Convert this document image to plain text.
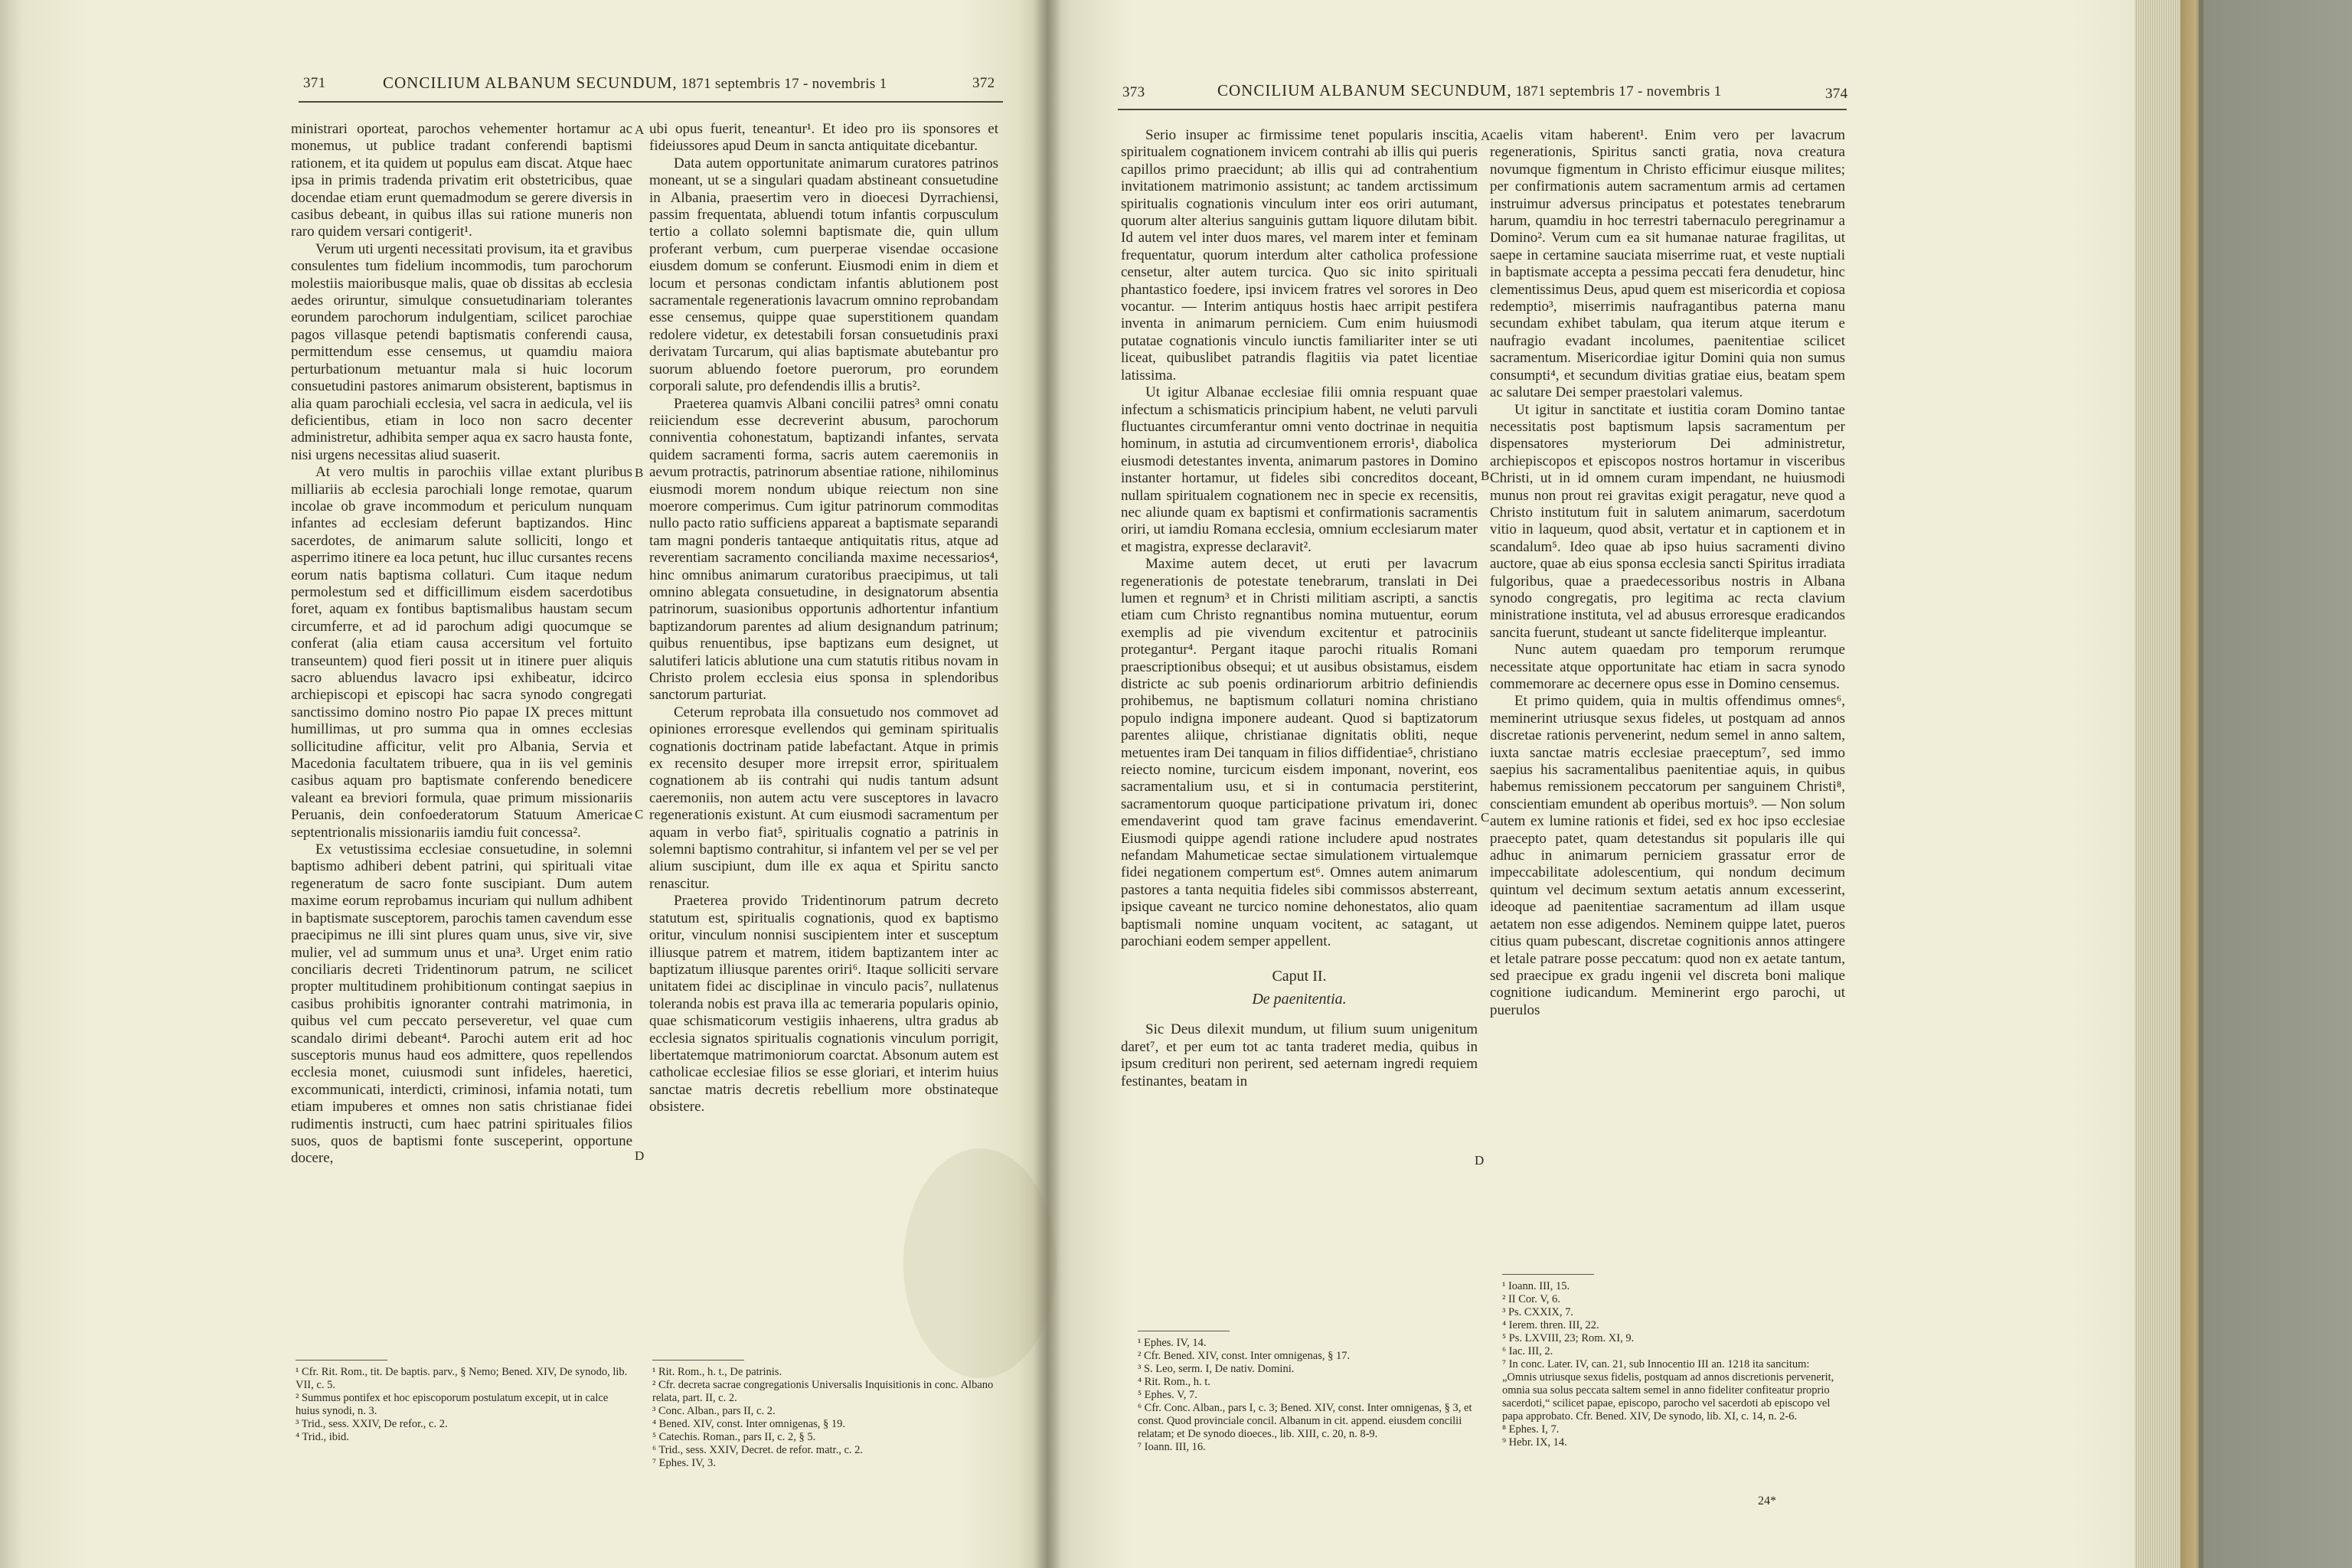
371	CONCILIUM ALBANUM SECUNDUM, 1871 septembris 17 - novembris 1	372
373	CONCILIUM ALBANUM SECUNDUM, 1871 septembris 17 - novembris 1	374

ministrari oporteat, parochos vehementer hortamur ac monemus, ut publice tradant conferendi baptismi rationem, et ita quidem ut populus eam discat. Atque haec ipsa in primis tradenda privatim erit obstetricibus, quae docendae etiam erunt quemadmodum se gerere diversis in casibus debeant, in quibus illas sui ratione muneris non raro quidem versari contigerit¹.

Verum uti urgenti necessitati provisum, ita et gravibus consulentes tum fidelium incommodis, tum parochorum molestiis maioribusque malis, quae ob dissitas ab ecclesia aedes oriruntur, simulque consuetudinariam tolerantes eorundem parochorum indulgentiam, scilicet parochiae pagos villasque petendi baptismatis conferendi causa, permittendum esse censemus, ut quamdiu maiora perturbationum metuantur mala si huic locorum consuetudini pastores animarum obsisterent, baptismus in alia quam parochiali ecclesia, vel sacra in aedicula, vel iis deficientibus, etiam in loco non sacro decenter administretur, adhibita semper aqua ex sacro hausta fonte, nisi urgens necessitas aliud suaserit.

At vero multis in parochiis villae extant pluribus milliariis ab ecclesia parochiali longe remotae, quarum incolae ob grave incommodum et periculum nunquam infantes ad ecclesiam deferunt baptizandos. Hinc sacerdotes, de animarum salute solliciti, longo et asperrimo itinere ea loca petunt, huc illuc cursantes recens eorum natis baptisma collaturi. Cum itaque nedum permolestum sed et difficillimum eisdem sacerdotibus foret, aquam ex fontibus baptismalibus haustam secum circumferre, et ad id parochum adigi quocumque se conferat (alia etiam causa accersitum vel fortuito transeuntem) quod fieri possit ut in itinere puer aliquis sacro abluendus lavacro ipsi exhibeatur, idcirco archiepiscopi et episcopi hac sacra synodo congregati sanctissimo domino nostro Pio papae IX preces mittunt humillimas, ut pro summa qua in omnes ecclesias sollicitudine afficitur, velit pro Albania, Servia et Macedonia facultatem tribuere, qua in iis vel geminis casibus aquam pro baptismate conferendo benedicere valeant ea breviori formula, quae primum missionariis Peruanis, dein confoederatorum Statuum Americae septentrionalis missionariis iamdiu fuit concessa².

Ex vetustissima ecclesiae consuetudine, in solemni baptismo adhiberi debent patrini, qui spirituali vitae regeneratum de sacro fonte suscipiant. Dum autem maxime eorum reprobamus incuriam qui nullum adhibent in baptismate susceptorem, parochis tamen cavendum esse praecipimus ne illi sint plures quam unus, sive vir, sive mulier, vel ad summum unus et una³. Urget enim ratio conciliaris decreti Tridentinorum patrum, ne scilicet propter multitudinem prohibitionum contingat saepius in casibus prohibitis ignoranter contrahi matrimonia, in quibus vel cum peccato perseveretur, vel quae cum scandalo dirimi debeant⁴. Parochi autem erit ad hoc susceptoris munus haud eos admittere, quos repellendos ecclesia monet, cuiusmodi sunt infideles, haeretici, excommunicati, interdicti, criminosi, infamia notati, tum etiam impuberes et omnes non satis christianae fidei rudimentis instructi, cum haec patrini spirituales filios suos, quos de baptismi fonte susceperint, opportune docere,

A
B
C
D

ubi opus fuerit, teneantur¹. Et ideo pro iis sponsores et fideiussores apud Deum in sancta antiquitate dicebantur.

Data autem opportunitate animarum curatores patrinos moneant, ut se a singulari quadam abstineant consuetudine in Albania, praesertim vero in dioecesi Dyrrachiensi, passim frequentata, abluendi totum infantis corpusculum tertio a collato solemni baptismate die, quin ullum proferant verbum, cum puerperae visendae occasione eiusdem domum se conferunt. Eiusmodi enim in diem et locum et personas condictam infantis ablutionem post sacramentale regenerationis lavacrum omnino reprobandam esse censemus, quippe quae superstitionem quandam redolere videtur, ex detestabili forsan consuetudinis praxi derivatam Turcarum, qui alias baptismate abutebantur pro suorum abluendo foetore puerorum, pro eorundem corporali salute, pro defendendis illis a brutis².

Praeterea quamvis Albani concilii patres³ omni conatu reiiciendum esse decreverint abusum, parochorum conniventia cohonestatum, baptizandi infantes, servata quidem sacramenti forma, sacris autem caeremoniis in aevum protractis, patrinorum absentiae ratione, nihilominus eiusmodi morem nondum ubique reiectum non sine moerore comperimus. Cum igitur patrinorum commoditas nullo pacto ratio sufficiens appareat a baptismate separandi tam magni ponderis tantaeque antiquitatis ritus, atque ad reverentiam sacramento concilianda maxime necessarios⁴, hinc omnibus animarum curatoribus praecipimus, ut tali omnino ablegata consuetudine, in designatorum absentia patrinorum, suasionibus opportunis adhortentur infantium baptizandorum parentes ad alium designandum patrinum; quibus renuentibus, ipse baptizans eum designet, ut salutiferi laticis ablutione una cum statutis ritibus novam in Christo prolem ecclesia eius sponsa in splendoribus sanctorum parturiat.

Ceterum reprobata illa consuetudo nos commovet ad opiniones erroresque evellendos qui geminam spiritualis cognationis doctrinam patide labefactant. Atque in primis ex recensito desuper more irrepsit error, spiritualem cognationem ab iis contrahi qui nudis tantum adsunt caeremoniis, non autem actu vere susceptores in lavacro regenerationis existunt. At cum eiusmodi sacramentum per aquam in verbo fiat⁵, spiritualis cognatio a patrinis in solemni baptismo contrahitur, si infantem vel per se vel per alium suscipiunt, dum ille ex aqua et Spiritu sancto renascitur.

Praeterea provido Tridentinorum patrum decreto statutum est, spiritualis cognationis, quod ex baptismo oritur, vinculum nonnisi suscipientem inter et susceptum illiusque patrem et matrem, itidem baptizantem inter ac baptizatum illiusque parentes oriri⁶. Itaque solliciti servare unitatem fidei ac disciplinae in vinculo pacis⁷, nullatenus toleranda nobis est prava illa ac temeraria popularis opinio, quae schismaticorum vestigiis inhaerens, ultra gradus ab ecclesia signatos spiritualis cognationis vinculum porrigit, libertatemque matrimoniorum coarctat. Absonum autem est catholicae ecclesiae filios se esse gloriari, et interim huius sanctae matris decretis rebellium more obstinateque obsistere.

¹ Cfr. Rit. Rom., tit. De baptis. parv., § Nemo; Bened. XIV, De synodo, lib. VII, c. 5.
² Summus pontifex et hoc episcoporum postulatum excepit, ut in calce huius synodi, n. 3.
³ Trid., sess. XXIV, De refor., c. 2.
⁴ Trid., ibid.
¹ Rit. Rom., h. t., De patrinis.
² Cfr. decreta sacrae congregationis Universalis Inquisitionis in conc. Albano relata, part. II, c. 2.
³ Conc. Alban., pars II, c. 2.
⁴ Bened. XIV, const. Inter omnigenas, § 19.
⁵ Catechis. Roman., pars II, c. 2, § 5.
⁶ Trid., sess. XXIV, Decret. de refor. matr., c. 2.
⁷ Ephes. IV, 3.

Serio insuper ac firmissime tenet popularis inscitia, spiritualem cognationem invicem contrahi ab illis qui pueris capillos primo praecidunt; ab illis qui ad contrahentium invitationem matrimonio assistunt; ac tandem arctissimum spiritualis cognationis vinculum inter eos oriri autumant, quorum alter alterius sanguinis guttam liquore dilutam bibit. Id autem vel inter duos mares, vel marem inter et feminam frequentatur, quorum interdum alter catholica professione censetur, alter autem turcica. Quo sic inito spirituali phantastico foedere, ipsi invicem fratres vel sorores in Deo vocantur. — Interim antiquus hostis haec arripit pestifera inventa in animarum perniciem. Cum enim huiusmodi putatae cognationis vinculo iunctis familiariter inter se uti liceat, quibuslibet patrandis flagitiis via patet licentiae latissima.

Ut igitur Albanae ecclesiae filii omnia respuant quae infectum a schismaticis principium habent, ne veluti parvuli fluctuantes circumferantur omni vento doctrinae in nequitia hominum, in astutia ad circumventionem erroris¹, diabolica eiusmodi detestantes inventa, animarum pastores in Domino instanter hortamur, ut fideles sibi concreditos doceant, nullam spiritualem cognationem nec in specie ex recensitis, nec aliunde quam ex baptismi et confirmationis sacramentis oriri, ut iamdiu Romana ecclesia, omnium ecclesiarum mater et magistra, expresse declaravit².

Maxime autem decet, ut eruti per lavacrum regenerationis de potestate tenebrarum, translati in Dei lumen et regnum³ et in Christi militiam ascripti, a sanctis etiam cum Christo regnantibus nomina mutuentur, eorum exemplis ad pie vivendum excitentur et patrociniis protegantur⁴. Pergant itaque parochi ritualis Romani praescriptionibus obsequi; et ut ausibus obsistamus, eisdem districte ac sub poenis ordinariorum arbitrio definiendis prohibemus, ne baptismum collaturi nomina christiano populo indigna imponere audeant. Quod si baptizatorum parentes aliique, christianae dignitatis obliti, neque metuentes iram Dei tanquam in filios diffidentiae⁵, christiano reiecto nomine, turcicum eisdem imponant, noverint, eos sacramentalium usu, et si in contumacia perstiterint, sacramentorum quoque participatione privatum iri, donec emendaverint quod tam grave facinus emendaverint. Eiusmodi quippe agendi ratione includere apud nostrates nefandam Mahumeticae sectae simulationem virtualemque fidei negationem compertum est⁶. Omnes autem animarum pastores a tanta nequitia fideles sibi commissos absterreant, ipsique caveant ne turcico nomine dehonestatos, alio quam baptismali nomine unquam vocitent, ac satagant, ut parochiani eodem semper appellent.

Caput II.
De paenitentia.

Sic Deus dilexit mundum, ut filium suum unigenitum daret⁷, et per eum tot ac tanta traderet media, quibus in ipsum credituri non perirent, sed aeternam ingredi requiem festinantes, beatam in

A
B
C
D

caelis vitam haberent¹. Enim vero per lavacrum regenerationis, Spiritus sancti gratia, nova creatura novumque figmentum in Christo efficimur eiusque milites; per confirmationis autem sacramentum armis ad certamen instruimur adversus principatus et potestates tenebrarum harum, quamdiu in hoc terrestri tabernaculo peregrinamur a Domino². Verum cum ea sit humanae naturae fragilitas, ut saepe in certamine sauciata miserrime ruat, et veste nuptiali in baptismate accepta a pessima peccati fera denudetur, hinc clementissimus Deus, apud quem est misericordia et copiosa redemptio³, miserrimis naufragantibus paterna manu secundam exhibet tabulam, qua iterum atque iterum e naufragio evadant incolumes, paenitentiae scilicet sacramentum. Misericordiae igitur Domini quia non sumus consumpti⁴, et secundum divitias gratiae eius, beatam spem ac salutare Dei semper praestolari valemus.

Ut igitur in sanctitate et iustitia coram Domino tantae necessitatis post baptismum lapsis sacramentum per dispensatores mysteriorum Dei administretur, archiepiscopos et episcopos nostros hortamur in visceribus Christi, ut in id omnem curam impendant, ne huiusmodi munus non prout rei gravitas exigit peragatur, neve quod a Christo institutum fuit in salutem animarum, sacerdotum vitio in laqueum, quod absit, vertatur et in captionem et in scandalum⁵. Ideo quae ab ipso huius sacramenti divino auctore, quae ab eius sponsa ecclesia sancti Spiritus irradiata fulgoribus, quae a praedecessoribus nostris in Albana synodo congregatis, pro legitima ac recta clavium ministratione instituta, vel ad abusus erroresque eradicandos sancita fuerunt, studeant ut sancte fideliterque impleantur.

Nunc autem quaedam pro temporum rerumque necessitate atque opportunitate hac etiam in sacra synodo commemorare ac decernere opus esse in Domino censemus.

Et primo quidem, quia in multis offendimus omnes⁶, meminerint utriusque sexus fideles, ut postquam ad annos discretae rationis pervenerint, nedum semel in anno saltem, iuxta sanctae matris ecclesiae praeceptum⁷, sed immo saepius his sacramentalibus paenitentiae aquis, in quibus habemus remissionem peccatorum per sanguinem Christi⁸, conscientiam emundent ab operibus mortuis⁹. — Non solum autem ex lumine rationis et fidei, sed ex hoc ipso ecclesiae praecepto patet, quam detestandus sit popularis ille qui adhuc in animarum perniciem grassatur error de impeccabilitate adolescentium, qui nondum decimum quintum vel decimum sextum aetatis annum excesserint, ideoque ad paenitentiae sacramentum ad illam usque aetatem non esse adigendos. Neminem quippe latet, pueros citius quam pubescant, discretae cognitionis annos attingere et letale patrare posse peccatum: quod non ex aetate tantum, sed praecipue ex gradu ingenii vel discreta boni malique cognitione iudicandum. Meminerint ergo parochi, ut puerulos

¹ Ephes. IV, 14.
² Cfr. Bened. XIV, const. Inter omnigenas, § 17.
³ S. Leo, serm. I, De nativ. Domini.
⁴ Rit. Rom., h. t.
⁵ Ephes. V, 7.
⁶ Cfr. Conc. Alban., pars I, c. 3; Bened. XIV, const. Inter omnigenas, § 3, et const. Quod provinciale concil. Albanum in cit. append. eiusdem concilii relatam; et De synodo dioeces., lib. XIII, c. 20, n. 8-9.
⁷ Ioann. III, 16.
¹ Ioann. III, 15.
² II Cor. V, 6.
³ Ps. CXXIX, 7.
⁴ Ierem. thren. III, 22.
⁵ Ps. LXVIII, 23; Rom. XI, 9.
⁶ Iac. III, 2.
⁷ In conc. Later. IV, can. 21, sub Innocentio III an. 1218 ita sancitum: „Omnis utriusque sexus fidelis, postquam ad annos discretionis pervenerit, omnia sua solus peccata saltem semel in anno fideliter confiteatur proprio sacerdoti,“ scilicet papae, episcopo, parocho vel sacerdoti ab episcopo vel papa approbato. Cfr. Bened. XIV, De synodo, lib. XI, c. 14, n. 2-6.
⁸ Ephes. I, 7.
⁹ Hebr. IX, 14.
24*
